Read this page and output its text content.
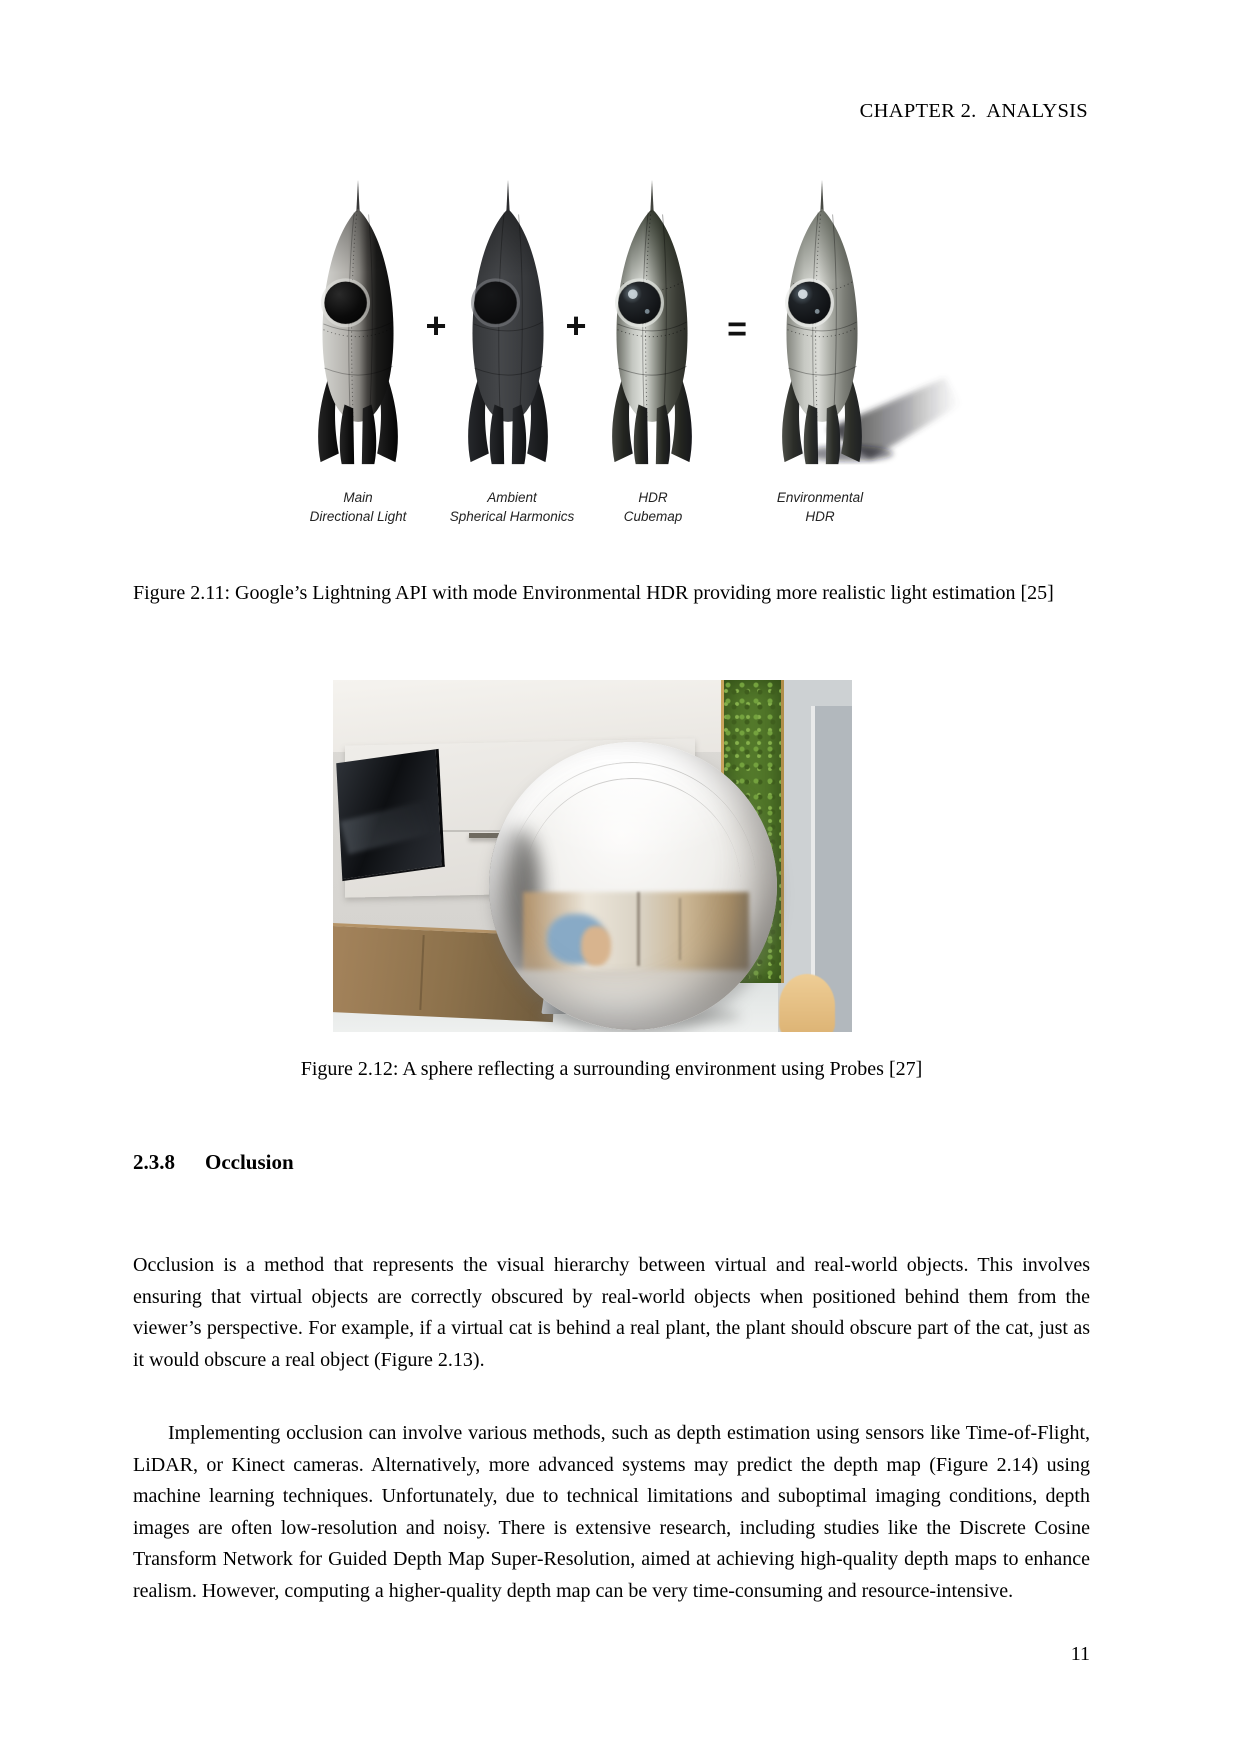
CHAPTER 2.  ANALYSIS
+	+	=
Main
Directional Light
Ambient
Spherical Harmonics
HDR
Cubemap
Environmental
HDR
Figure 2.11: Google’s Lightning API with mode Environmental HDR providing more realistic light estimation [25]
Figure 2.12: A sphere reflecting a surrounding environment using Probes [27]
2.3.8 Occlusion

Occlusion is a method that represents the visual hierarchy between virtual and real-world objects. This involves ensuring that virtual objects are correctly obscured by real-world objects when positioned behind them from the viewer’s perspective. For example, if a virtual cat is behind a real plant, the plant should obscure part of the cat, just as it would obscure a real object (Figure 2.13).

Implementing occlusion can involve various methods, such as depth estimation using sensors like Time-of-Flight, LiDAR, or Kinect cameras. Alternatively, more advanced systems may predict the depth map (Figure 2.14) using machine learning techniques. Unfortunately, due to technical limitations and suboptimal imaging conditions, depth images are often low-resolution and noisy. There is extensive research, including studies like the Discrete Cosine Transform Network for Guided Depth Map Super-Resolution, aimed at achieving high-quality depth maps to enhance realism. However, computing a higher-quality depth map can be very time-consuming and resource-intensive.

11
